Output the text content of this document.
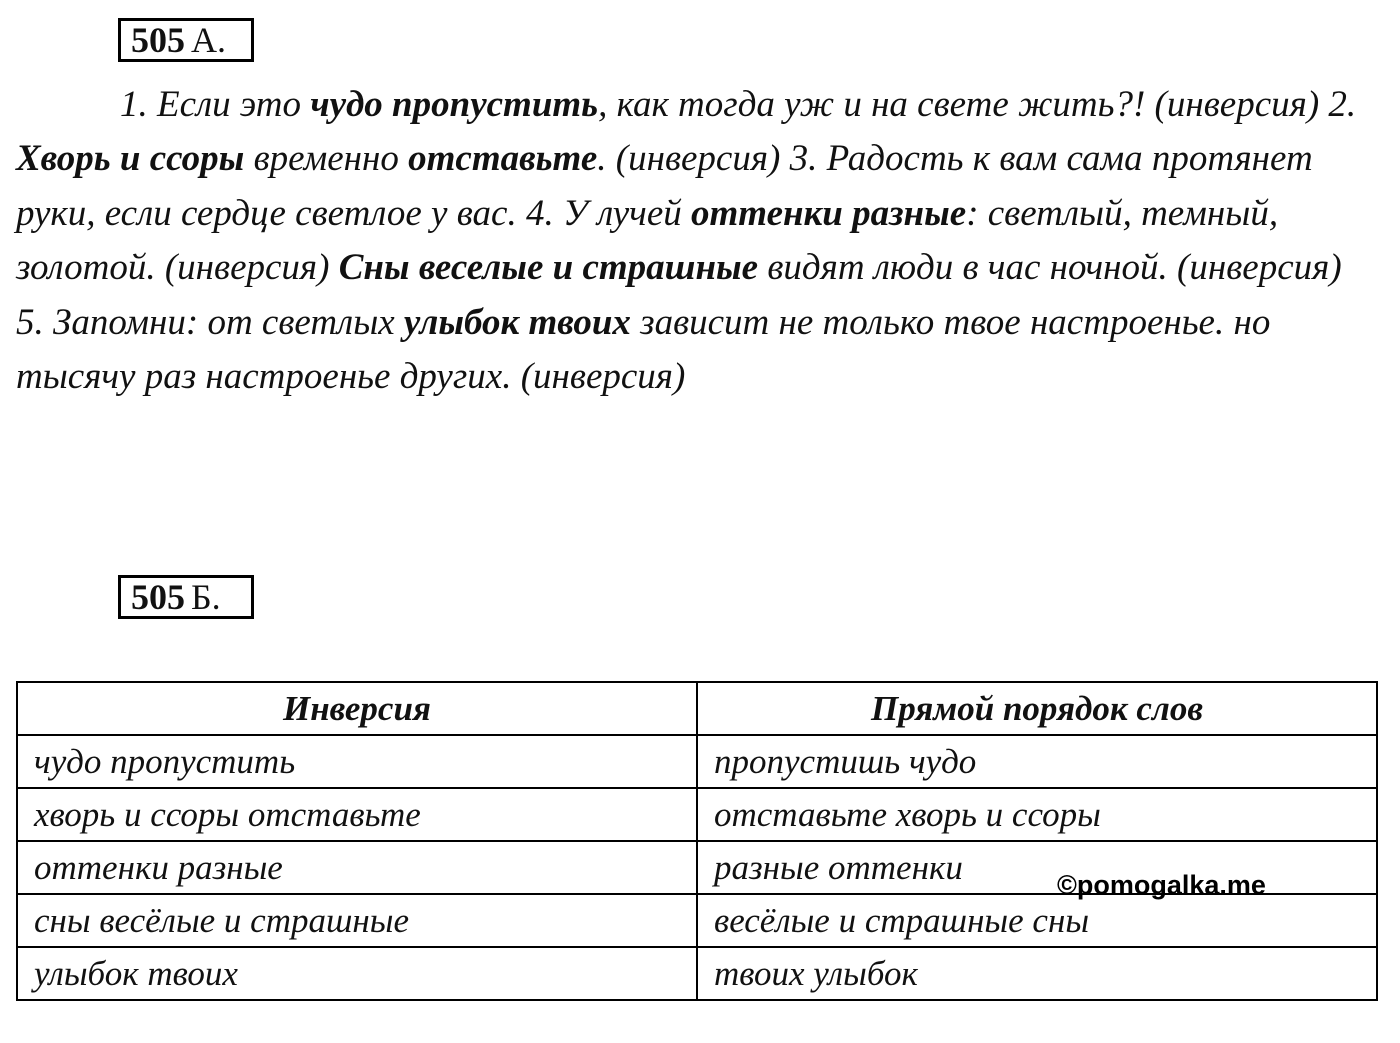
505 А.

1. Если это чудо пропустить, как тогда уж и на свете жить?! (инверсия) 2. Хворь и ссоры временно отставьте. (инверсия) 3. Радость к вам сама протянет руки, если сердце светлое у вас. 4. У лучей оттенки разные: светлый, темный, золотой. (инверсия) Сны веселые и страшные видят люди в час ночной. (инверсия) 5. Запомни: от светлых улыбок твоих зависит не только твое настроенье. но тысячу раз настроенье других. (инверсия)

505 Б.
Инверсия	Прямой порядок слов
чудо пропустить	пропустишь чудо
хворь и ссоры отставьте	отставьте хворь и ссоры
оттенки разные	разные оттенки
сны весёлые и страшные	весёлые и страшные сны
улыбок твоих	твоих улыбок
©pomogalka.me
